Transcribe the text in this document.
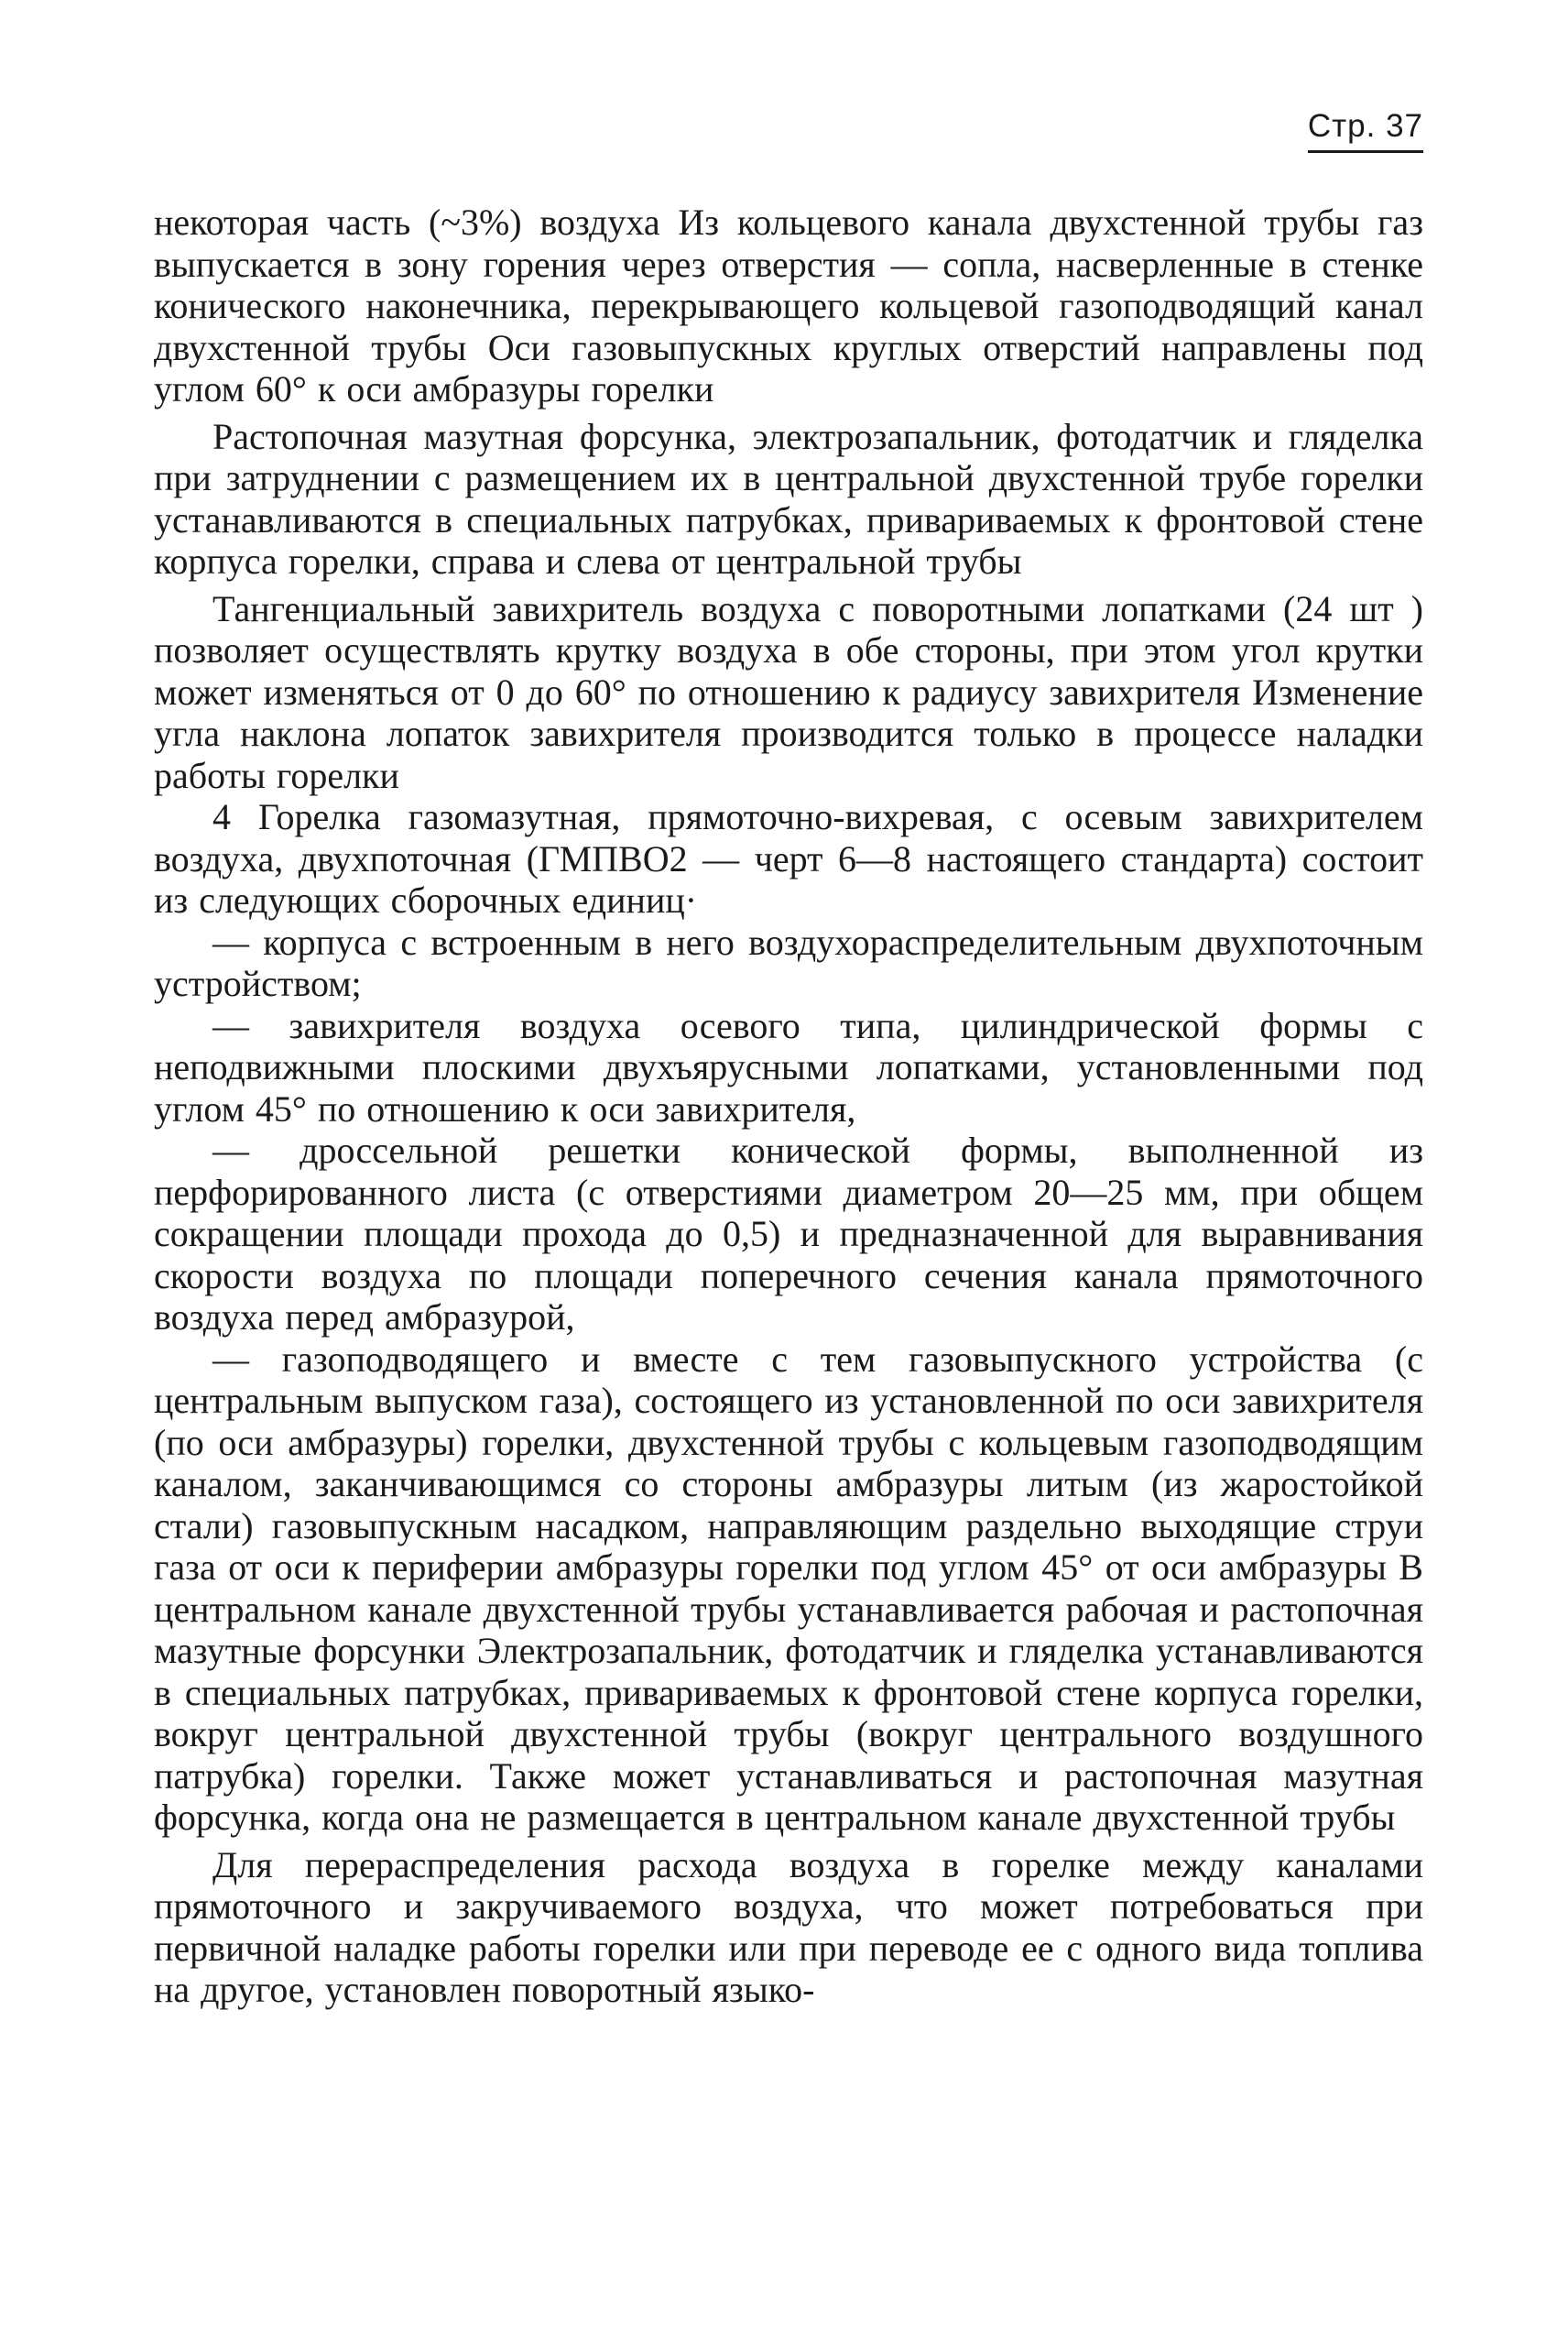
Стр. 37

некоторая часть (~3%) воздуха Из кольцевого канала двухстенной трубы газ выпускается в зону горения через отверстия — сопла, насверленные в стенке конического наконечника, перекрывающего кольцевой газоподводящий канал двухстенной трубы Оси газовыпускных круглых отверстий направлены под углом 60° к оси амбразуры горелки

Растопочная мазутная форсунка, электрозапальник, фотодатчик и гляделка при затруднении с размещением их в центральной двухстенной трубе горелки устанавливаются в специальных патрубках, привариваемых к фронтовой стене корпуса горелки, справа и слева от центральной трубы

Тангенциальный завихритель воздуха с поворотными лопатками (24 шт ) позволяет осуществлять крутку воздуха в обе стороны, при этом угол крутки может изменяться от 0 до 60° по отношению к радиусу завихрителя Изменение угла наклона лопаток завихрителя производится только в процессе наладки работы горелки

4 Горелка газомазутная, прямоточно-вихревая, с осевым завихрителем воздуха, двухпоточная (ГМПВО2 — черт 6—8 настоящего стандарта) состоит из следующих сборочных единиц·

— корпуса с встроенным в него воздухораспределительным двухпоточным устройством;

— завихрителя воздуха осевого типа, цилиндрической формы с неподвижными плоскими двухъярусными лопатками, установленными под углом 45° по отношению к оси завихрителя,

— дроссельной решетки конической формы, выполненной из перфорированного листа (с отверстиями диаметром 20—25 мм, при общем сокращении площади прохода до 0,5) и предназначенной для выравнивания скорости воздуха по площади поперечного сечения канала прямоточного воздуха перед амбразурой,

— газоподводящего и вместе с тем газовыпускного устройства (с центральным выпуском газа), состоящего из установленной по оси завихрителя (по оси амбразуры) горелки, двухстенной трубы с кольцевым газоподводящим каналом, заканчивающимся со стороны амбразуры литым (из жаростойкой стали) газовыпускным насадком, направляющим раздельно выходящие струи газа от оси к периферии амбразуры горелки под углом 45° от оси амбразуры В центральном канале двухстенной трубы устанавливается рабочая и растопочная мазутные форсунки Электрозапальник, фотодатчик и гляделка устанавливаются в специальных патрубках, привариваемых к фронтовой стене корпуса горелки, вокруг центральной двухстенной трубы (вокруг центрального воздушного патрубка) горелки. Также может устанавливаться и растопочная мазутная форсунка, когда она не размещается в центральном канале двухстенной трубы

Для перераспределения расхода воздуха в горелке между каналами прямоточного и закручиваемого воздуха, что может потребоваться при первичной наладке работы горелки или при переводе ее с одного вида топлива на другое, установлен поворотный языко-
